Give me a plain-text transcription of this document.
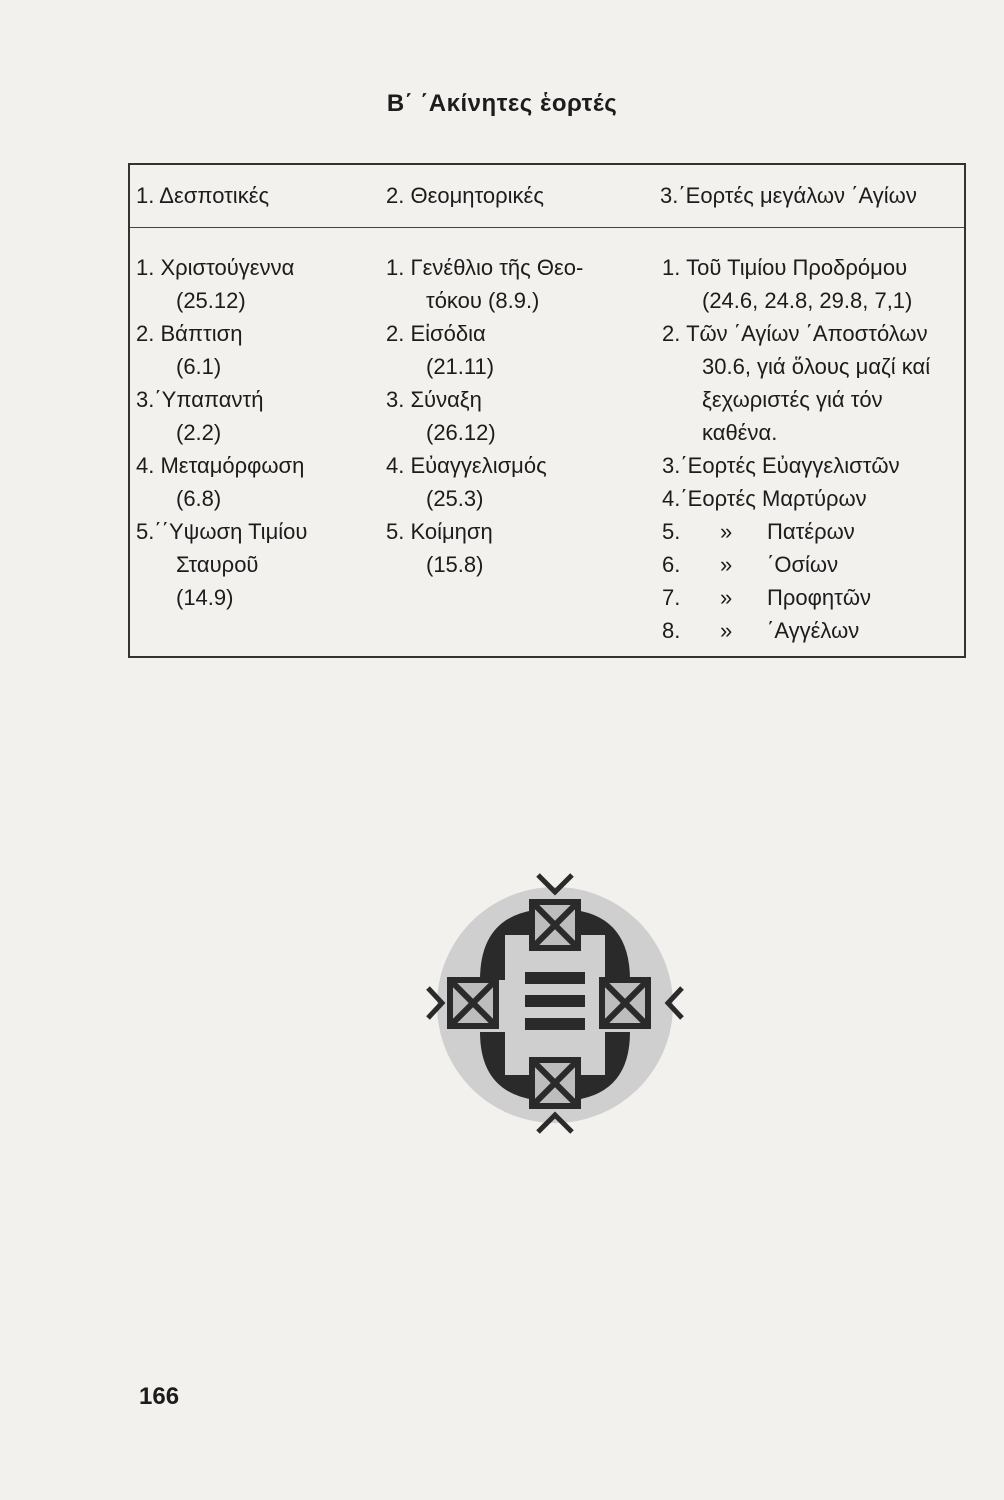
Β΄ ΄Ακίνητες ἑορτές
1. Δεσποτικές	2. Θεομητορικές	3.΄Εορτές μεγάλων ΄Αγίων
1. Χριστούγεννα
(25.12)
2. Βάπτιση
(6.1)
3.΄Υπαπαντή
(2.2)
4. Μεταμόρφωση
(6.8)
5.΄΄Υψωση Τιμίου
Σταυροῦ
(14.9)
1. Γενέθλιο τῆς Θεο-
τόκου (8.9.)
2. Εἰσόδια
(21.11)
3. Σύναξη
(26.12)
4. Εὐαγγελισμός
(25.3)
5. Κοίμηση
(15.8)
1. Τοῦ Τιμίου Προδρόμου
(24.6, 24.8, 29.8, 7,1)
2. Τῶν ΄Αγίων ΄Αποστόλων
30.6, γιά ὅλους μαζί καί
ξεχωριστές γιά τόν
καθένα.
3.΄Εορτές Εὐαγγελιστῶν
4.΄Εορτές Μαρτύρων
5. » Πατέρων
6. » ΄Οσίων
7. » Προφητῶν
8. » ΄Αγγέλων
166
